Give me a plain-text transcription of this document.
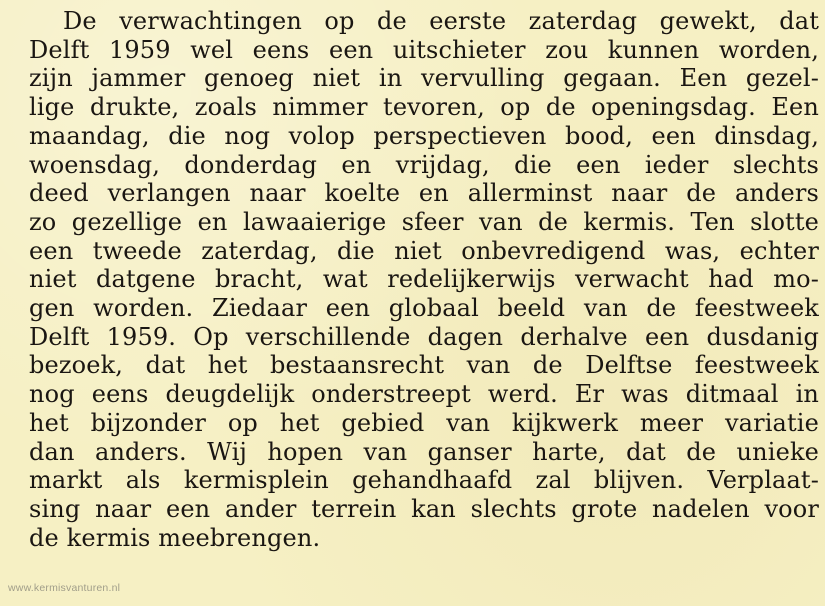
De verwachtingen op de eerste zaterdag gewekt, dat
Delft 1959 wel eens een uitschieter zou kunnen worden,
zijn jammer genoeg niet in vervulling gegaan. Een gezel-
lige drukte, zoals nimmer tevoren, op de openingsdag. Een
maandag, die nog volop perspectieven bood, een dinsdag,
woensdag, donderdag en vrijdag, die een ieder slechts
deed verlangen naar koelte en allerminst naar de anders
zo gezellige en lawaaierige sfeer van de kermis. Ten slotte
een tweede zaterdag, die niet onbevredigend was, echter
niet datgene bracht, wat redelijkerwijs verwacht had mo-
gen worden. Ziedaar een globaal beeld van de feestweek
Delft 1959. Op verschillende dagen derhalve een dusdanig
bezoek, dat het bestaansrecht van de Delftse feestweek
nog eens deugdelijk onderstreept werd. Er was ditmaal in
het bijzonder op het gebied van kijkwerk meer variatie
dan anders. Wij hopen van ganser harte, dat de unieke
markt als kermisplein gehandhaafd zal blijven. Verplaat-
sing naar een ander terrein kan slechts grote nadelen voor
de kermis meebrengen.
www.kermisvanturen.nl
